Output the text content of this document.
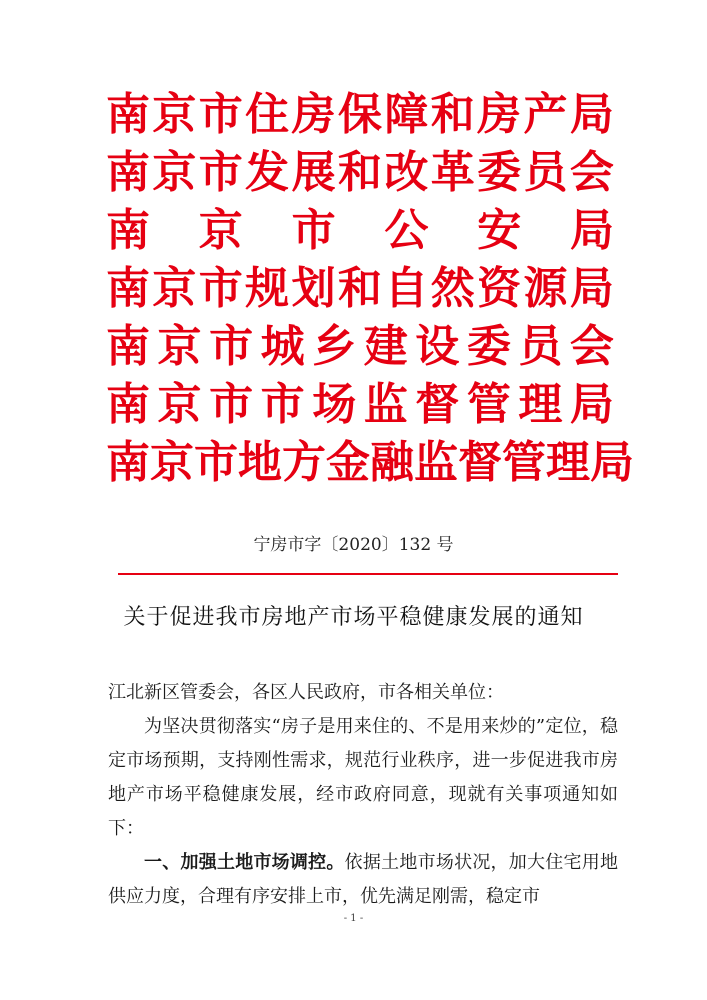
南 京 市 住 房 保 障 和 房 产 局
南 京 市 发 展 和 改 革 委 员 会
南 京 市 公 安 局
南 京 市 规 划 和 自 然 资 源 局
南 京 市 城 乡 建 设 委 员 会
南 京 市 市 场 监 督 管 理 局
南 京 市 地 方 金 融 监 督 管 理 局
宁房市字〔2020〕132 号
关于促进我市房地产市场平稳健康发展的通知

江北新区管委会，各区人民政府，市各相关单位：

为坚决贯彻落实“房子是用来住的、不是用来炒的”定位，稳定市场预期，支持刚性需求，规范行业秩序，进一步促进我市房地产市场平稳健康发展，经市政府同意，现就有关事项通知如下：

一、加强土地市场调控。依据土地市场状况，加大住宅用地供应力度，合理有序安排上市，优先满足刚需，稳定市

- 1 -
